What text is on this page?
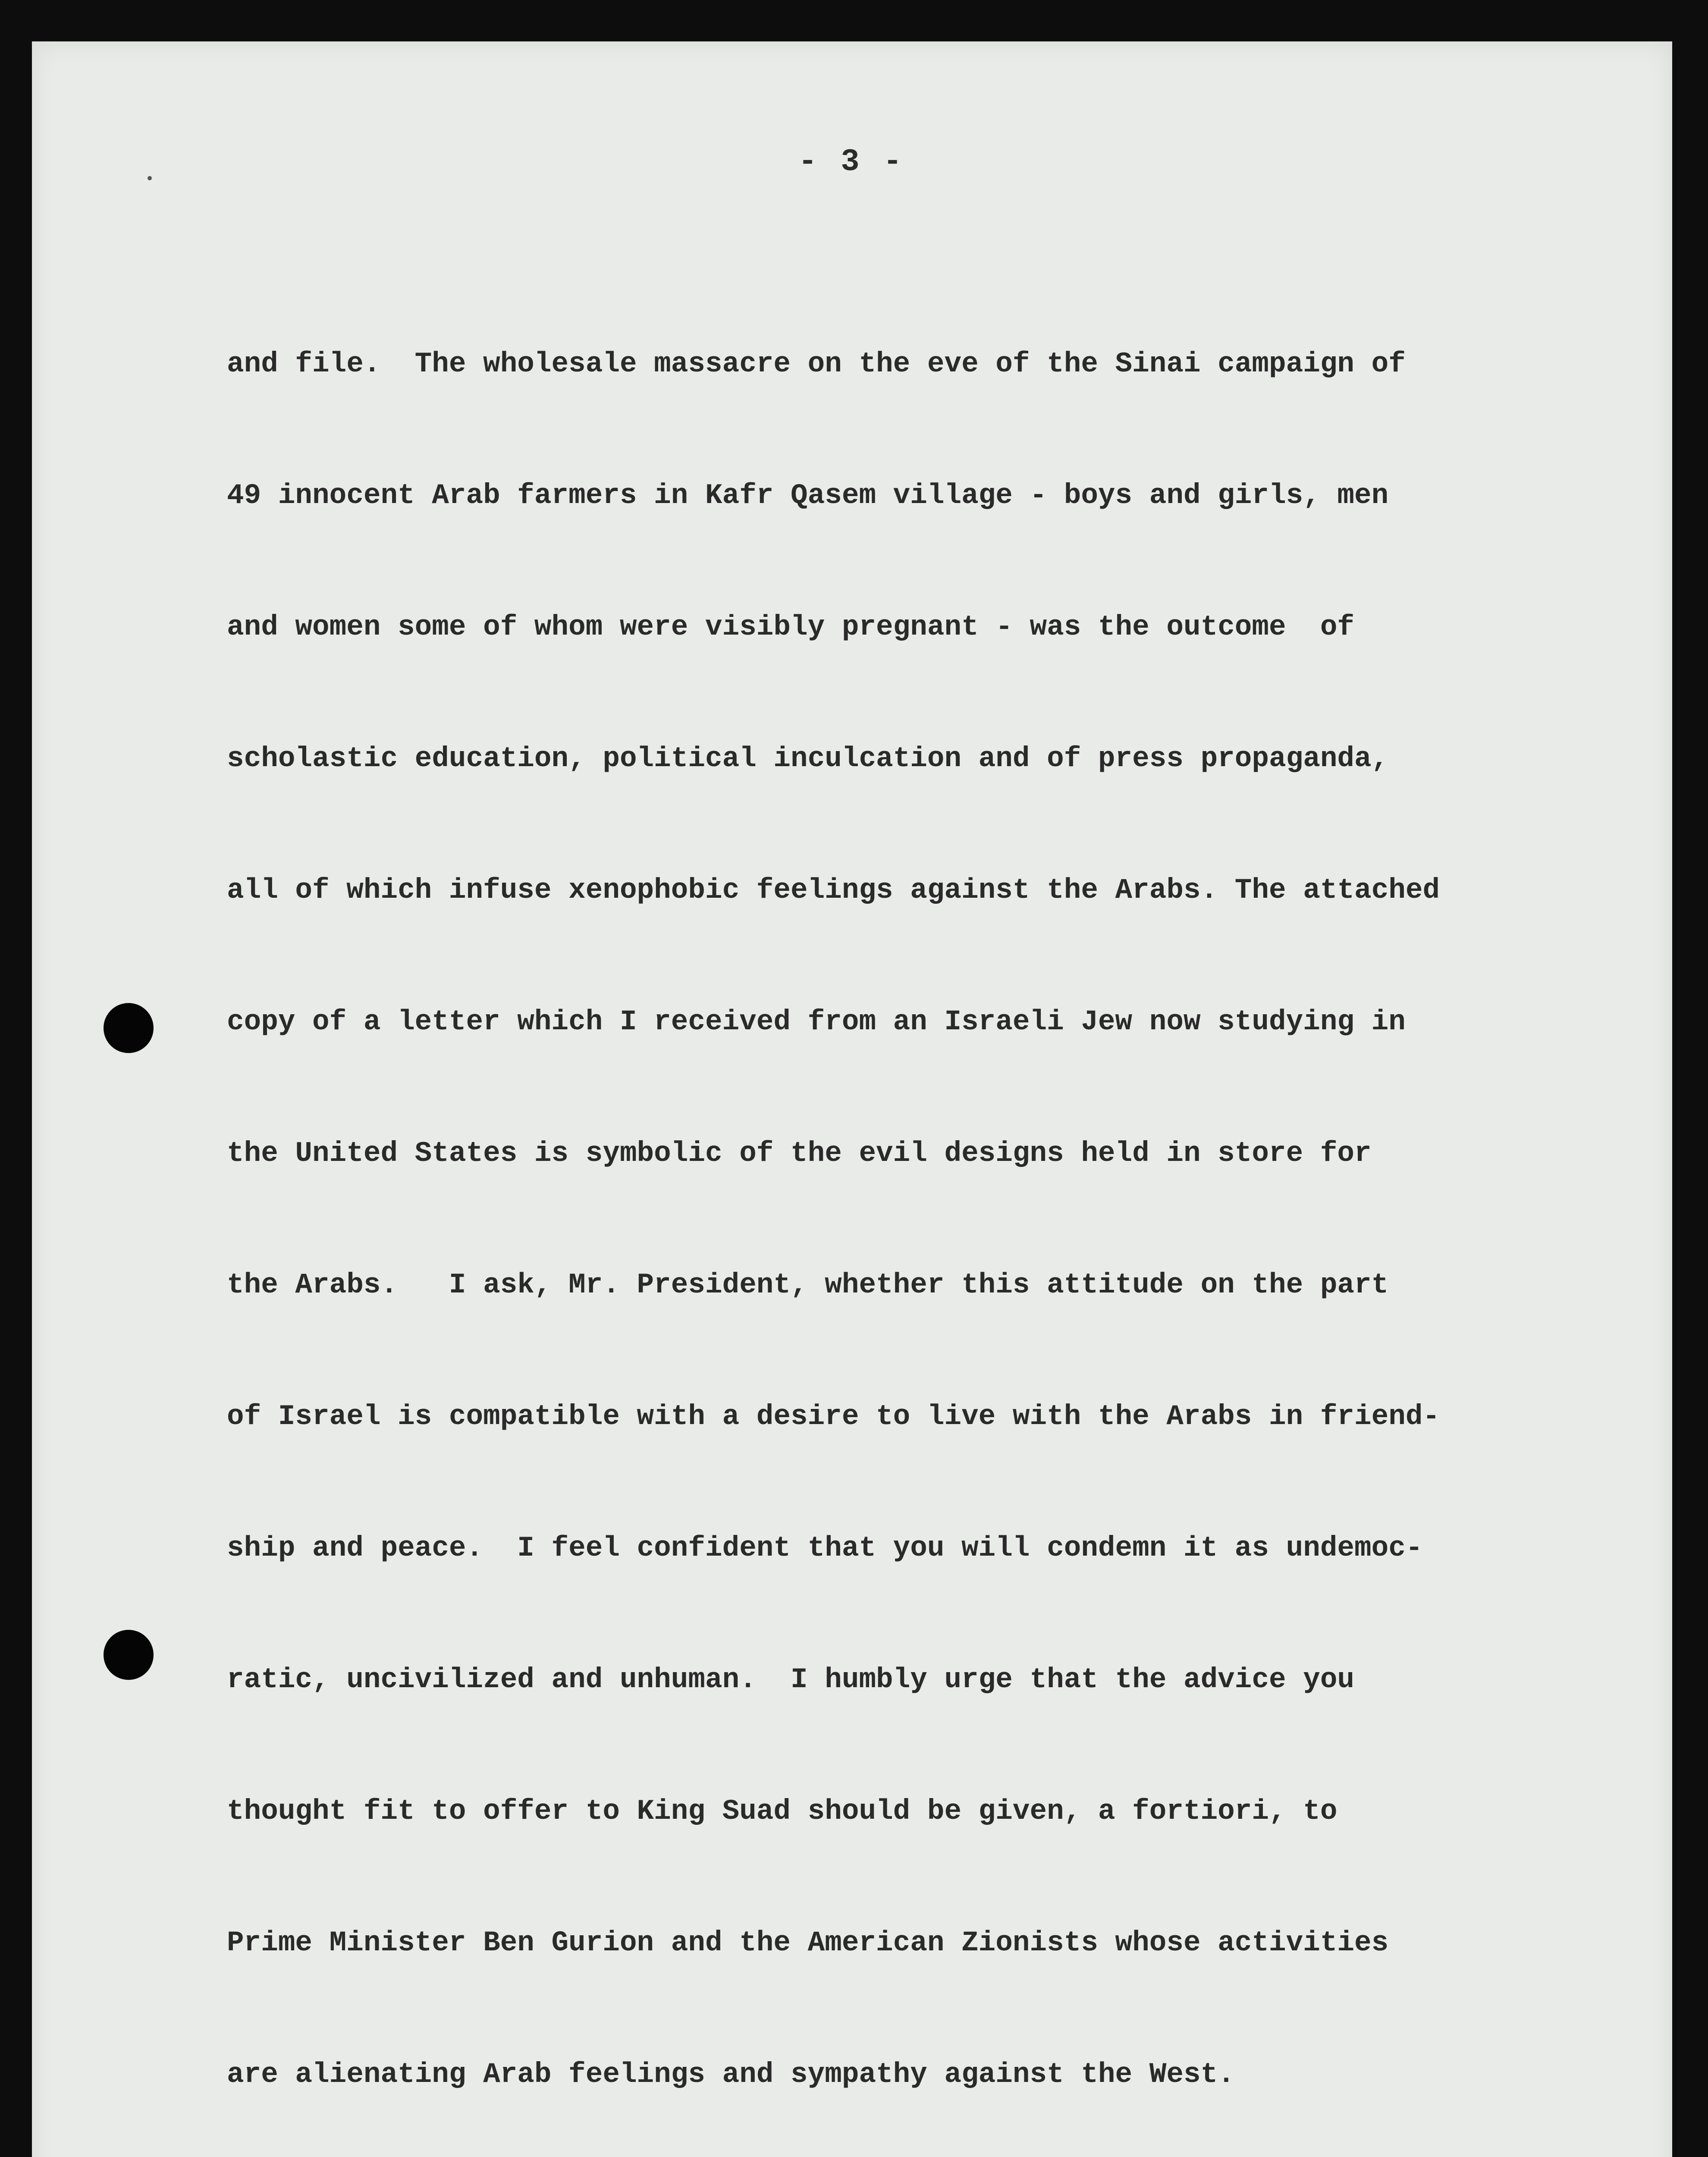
- 3 -

and file.  The wholesale massacre on the eve of the Sinai campaign of

49 innocent Arab farmers in Kafr Qasem village - boys and girls, men

and women some of whom were visibly pregnant - was the outcome  of

scholastic education, political inculcation and of press propaganda,

all of which infuse xenophobic feelings against the Arabs. The attached

copy of a letter which I received from an Israeli Jew now studying in

the United States is symbolic of the evil designs held in store for

the Arabs.   I ask, Mr. President, whether this attitude on the part

of Israel is compatible with a desire to live with the Arabs in friend-

ship and peace.  I feel confident that you will condemn it as undemoc-

ratic, uncivilized and unhuman.  I humbly urge that the advice you

thought fit to offer to King Suad should be given, a fortiori, to

Prime Minister Ben Gurion and the American Zionists whose activities

are alienating Arab feelings and sympathy against the West.
